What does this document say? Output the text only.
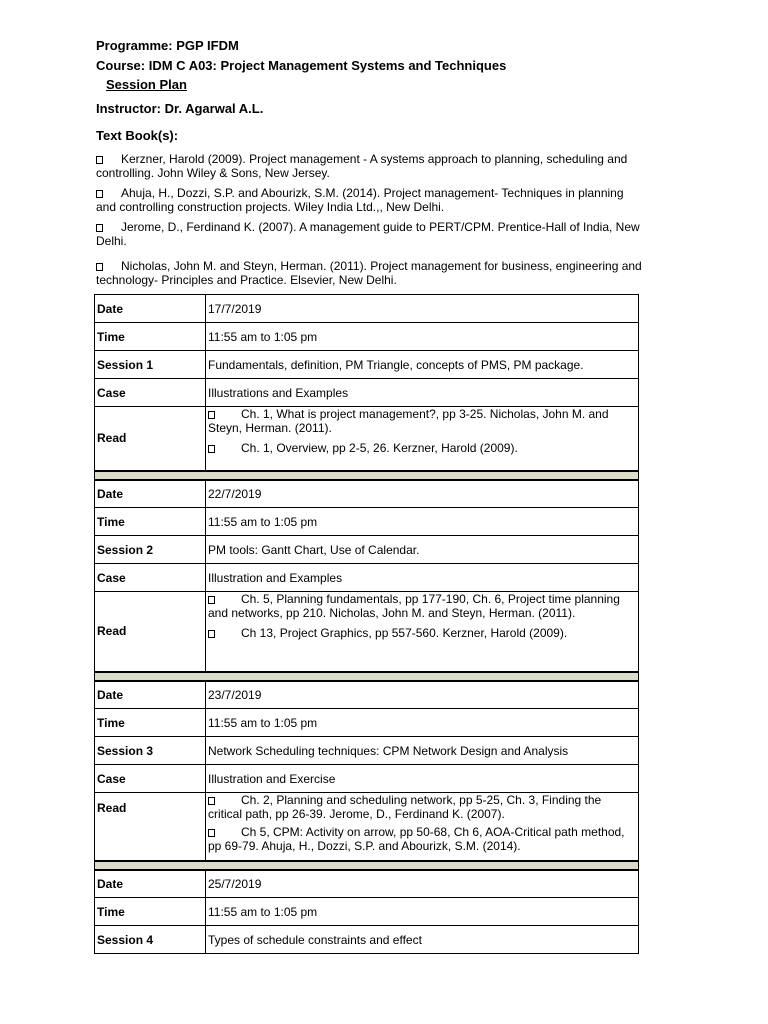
Programme: PGP IFDM
Course: IDM C A03: Project Management Systems and Techniques
Session Plan
Instructor: Dr. Agarwal A.L.
Text Book(s):
Kerzner, Harold (2009). Project management - A systems approach to planning, scheduling and controlling. John Wiley & Sons, New Jersey.
Ahuja, H., Dozzi, S.P. and Abourizk, S.M. (2014). Project management- Techniques in planning and controlling construction projects. Wiley India Ltd.,, New Delhi.
Jerome, D., Ferdinand K. (2007). A management guide to PERT/CPM. Prentice-Hall of India, New Delhi.
Nicholas, John M. and Steyn, Herman. (2011). Project management for business, engineering and technology- Principles and Practice. Elsevier, New Delhi.
Date	17/7/2019
Time	11:55 am to 1:05 pm
Session 1	Fundamentals, definition, PM Triangle, concepts of PMS, PM package.
Case	Illustrations and Examples
Read	Ch. 1, What is project management?, pp 3-25. Nicholas, John M. and Steyn, Herman. (2011).

Ch. 1, Overview, pp 2-5, 26. Kerzner, Harold (2009).

Date	22/7/2019
Time	11:55 am to 1:05 pm
Session 2	PM tools: Gantt Chart, Use of Calendar.
Case	Illustration and Examples
Read	Ch. 5, Planning fundamentals, pp 177-190, Ch. 6, Project time planning and networks, pp 210. Nicholas, John M. and Steyn, Herman. (2011).

Ch 13, Project Graphics, pp 557-560. Kerzner, Harold (2009).

Date	23/7/2019
Time	11:55 am to 1:05 pm
Session 3	Network Scheduling techniques: CPM Network Design and Analysis
Case	Illustration and Exercise
Read	Ch. 2, Planning and scheduling network, pp 5-25, Ch. 3, Finding the critical path, pp 26-39. Jerome, D., Ferdinand K. (2007).

Ch 5, CPM: Activity on arrow, pp 50-68, Ch 6, AOA-Critical path method, pp 69-79. Ahuja, H., Dozzi, S.P. and Abourizk, S.M. (2014).

Date	25/7/2019
Time	11:55 am to 1:05 pm
Session 4	Types of schedule constraints and effect
